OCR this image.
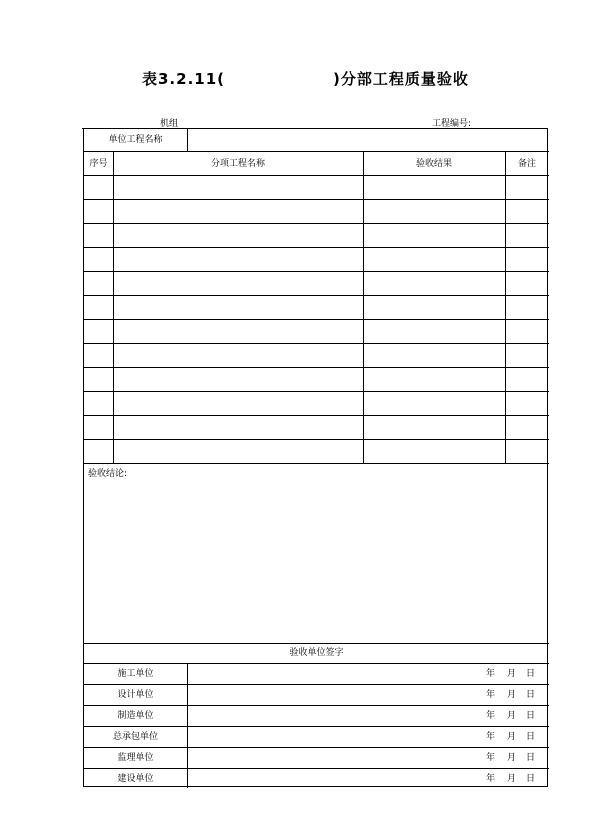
表3.2.11(	)分部工程质量验收
机组	工程编号:
单位工程名称
序号	分项工程名称	验收结果	备注
验收结论:
验收单位签字
施工单位	年 月 日
设计单位	年 月 日
制造单位	年 月 日
总承包单位	年 月 日
监理单位	年 月 日
建设单位	年 月 日
